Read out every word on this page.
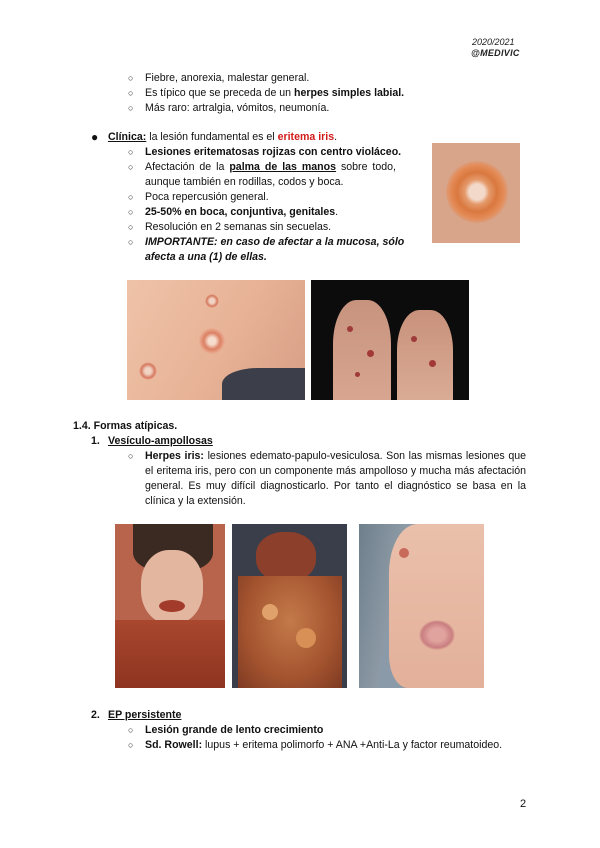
2020/2021
@MEDIVIC
○ Fiebre, anorexia, malestar general.
○ Es típico que se preceda de un herpes simples labial.
○ Más raro: artralgia, vómitos, neumonía.
● Clínica: la lesión fundamental es el eritema iris.
○ Lesiones eritematosas rojizas con centro violáceo.
○ Afectación de la palma de las manos sobre todo,
aunque también en rodillas, codos y boca.
○ Poca repercusión general.
○ 25-50% en boca, conjuntiva, genitales.
○ Resolución en 2 semanas sin secuelas.
○ IMPORTANTE: en caso de afectar a la mucosa, sólo
afecta a una (1) de ellas.
1.4. Formas atípicas.
1. Vesículo-ampollosas
○ Herpes iris: lesiones edemato-papulo-vesiculosa. Son las mismas lesiones que el eritema iris, pero con un componente más ampolloso y mucha más afectación general. Es muy difícil diagnosticarlo. Por tanto el diagnóstico se basa en la clínica y la extensión.
2. EP persistente
○ Lesión grande de lento crecimiento
○ Sd. Rowell: lupus + eritema polimorfo + ANA +Anti-La y factor reumatoideo.
2
